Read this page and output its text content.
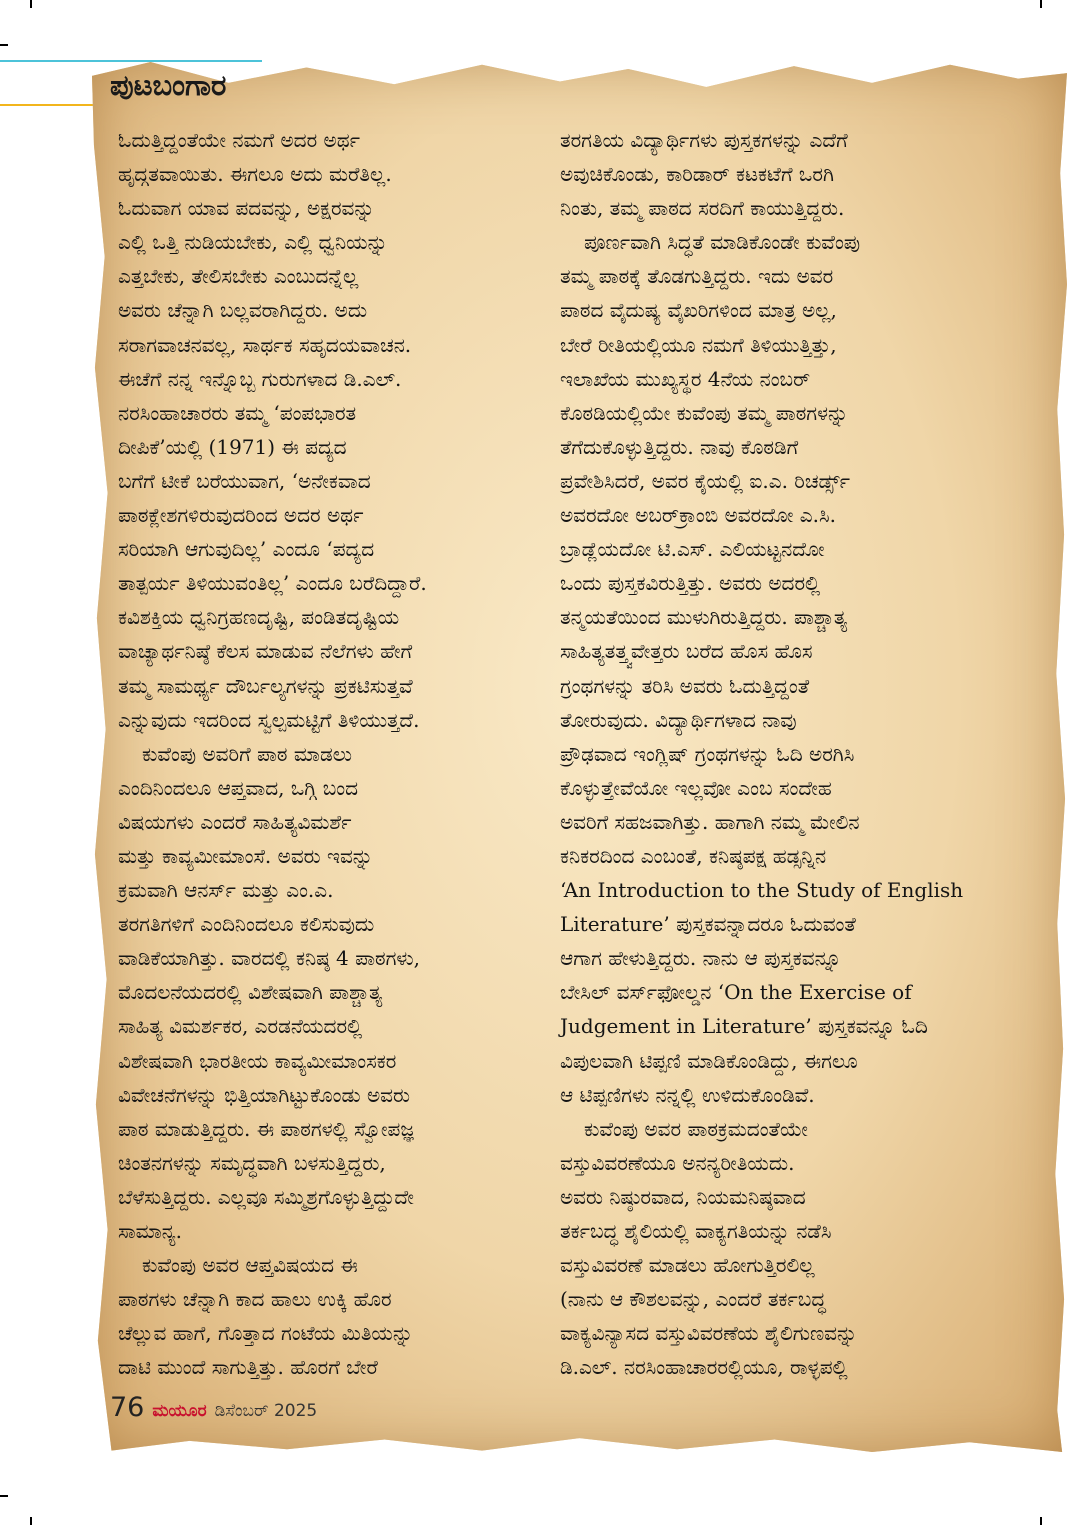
ಪುಟಬಂಗಾರ
ಓದುತ್ತಿದ್ದಂತೆಯೇ ನಮಗೆ ಅದರ ಅರ್ಥ
ಹೃದ್ಗತವಾಯಿತು. ಈಗಲೂ ಅದು ಮರೆತಿಲ್ಲ.
ಓದುವಾಗ ಯಾವ ಪದವನ್ನು, ಅಕ್ಷರವನ್ನು
ಎಲ್ಲಿ ಒತ್ತಿ ನುಡಿಯಬೇಕು, ಎಲ್ಲಿ ಧ್ವನಿಯನ್ನು
ಎತ್ತಬೇಕು, ತೇಲಿಸಬೇಕು ಎಂಬುದನ್ನೆಲ್ಲ
ಅವರು ಚೆನ್ನಾಗಿ ಬಲ್ಲವರಾಗಿದ್ದರು. ಅದು
ಸರಾಗವಾಚನವಲ್ಲ, ಸಾರ್ಥಕ ಸಹೃದಯವಾಚನ.
ಈಚೆಗೆ ನನ್ನ ಇನ್ನೊಬ್ಬ ಗುರುಗಳಾದ ಡಿ.ಎಲ್.
ನರಸಿಂಹಾಚಾರರು ತಮ್ಮ ‘ಪಂಪಭಾರತ
ದೀಪಿಕೆ’ಯಲ್ಲಿ (1971) ಈ ಪದ್ಯದ
ಬಗೆಗೆ ಟೀಕೆ ಬರೆಯುವಾಗ, ‘ಅನೇಕವಾದ
ಪಾಠಕ್ಲೇಶಗಳಿರುವುದರಿಂದ ಅದರ ಅರ್ಥ
ಸರಿಯಾಗಿ ಆಗುವುದಿಲ್ಲ’ ಎಂದೂ ‘ಪದ್ಯದ
ತಾತ್ಪರ್ಯ ತಿಳಿಯುವಂತಿಲ್ಲ’ ಎಂದೂ ಬರೆದಿದ್ದಾರೆ.
ಕವಿಶಕ್ತಿಯ ಧ್ವನಿಗ್ರಹಣದೃಷ್ಟಿ, ಪಂಡಿತದೃಷ್ಟಿಯ
ವಾಚ್ಯಾರ್ಥನಿಷ್ಠೆ ಕೆಲಸ ಮಾಡುವ ನೆಲೆಗಳು ಹೇಗೆ
ತಮ್ಮ ಸಾಮರ್ಥ್ಯ ದೌರ್ಬಲ್ಯಗಳನ್ನು ಪ್ರಕಟಿಸುತ್ತವೆ
ಎನ್ನುವುದು ಇದರಿಂದ ಸ್ವಲ್ಪಮಟ್ಟಿಗೆ ತಿಳಿಯುತ್ತದೆ.
ಕುವೆಂಪು ಅವರಿಗೆ ಪಾಠ ಮಾಡಲು
ಎಂದಿನಿಂದಲೂ ಆಪ್ತವಾದ, ಒಗ್ಗಿ ಬಂದ
ವಿಷಯಗಳು ಎಂದರೆ ಸಾಹಿತ್ಯವಿಮರ್ಶೆ
ಮತ್ತು ಕಾವ್ಯಮೀಮಾಂಸೆ. ಅವರು ಇವನ್ನು
ಕ್ರಮವಾಗಿ ಆನರ್ಸ್ ಮತ್ತು ಎಂ.ಎ.
ತರಗತಿಗಳಿಗೆ ಎಂದಿನಿಂದಲೂ ಕಲಿಸುವುದು
ವಾಡಿಕೆಯಾಗಿತ್ತು. ವಾರದಲ್ಲಿ ಕನಿಷ್ಠ 4 ಪಾಠಗಳು,
ಮೊದಲನೆಯದರಲ್ಲಿ ವಿಶೇಷವಾಗಿ ಪಾಶ್ಚಾತ್ಯ
ಸಾಹಿತ್ಯ ವಿಮರ್ಶಕರ, ಎರಡನೆಯದರಲ್ಲಿ
ವಿಶೇಷವಾಗಿ ಭಾರತೀಯ ಕಾವ್ಯಮೀಮಾಂಸಕರ
ವಿವೇಚನೆಗಳನ್ನು ಭಿತ್ತಿಯಾಗಿಟ್ಟುಕೊಂಡು ಅವರು
ಪಾಠ ಮಾಡುತ್ತಿದ್ದರು. ಈ ಪಾಠಗಳಲ್ಲಿ ಸ್ವೋಪಜ್ಞ
ಚಿಂತನಗಳನ್ನು ಸಮೃದ್ಧವಾಗಿ ಬಳಸುತ್ತಿದ್ದರು,
ಬೆಳೆಸುತ್ತಿದ್ದರು. ಎಲ್ಲವೂ ಸಮ್ಮಿಶ್ರಗೊಳ್ಳುತ್ತಿದ್ದುದೇ
ಸಾಮಾನ್ಯ.
ಕುವೆಂಪು ಅವರ ಆಪ್ತವಿಷಯದ ಈ
ಪಾಠಗಳು ಚೆನ್ನಾಗಿ ಕಾದ ಹಾಲು ಉಕ್ಕಿ ಹೊರ
ಚೆಲ್ಲುವ ಹಾಗೆ, ಗೊತ್ತಾದ ಗಂಟೆಯ ಮಿತಿಯನ್ನು
ದಾಟಿ ಮುಂದೆ ಸಾಗುತ್ತಿತ್ತು. ಹೊರಗೆ ಬೇರೆ
ತರಗತಿಯ ವಿದ್ಯಾರ್ಥಿಗಳು ಪುಸ್ತಕಗಳನ್ನು ಎದೆಗೆ
ಅವುಚಿಕೊಂಡು, ಕಾರಿಡಾರ್ ಕಟಕಟೆಗೆ ಒರಗಿ
ನಿಂತು, ತಮ್ಮ ಪಾಠದ ಸರದಿಗೆ ಕಾಯುತ್ತಿದ್ದರು.
ಪೂರ್ಣವಾಗಿ ಸಿದ್ಧತೆ ಮಾಡಿಕೊಂಡೇ ಕುವೆಂಪು
ತಮ್ಮ ಪಾಠಕ್ಕೆ ತೊಡಗುತ್ತಿದ್ದರು. ಇದು ಅವರ
ಪಾಠದ ವೈದುಷ್ಯ ವೈಖರಿಗಳಿಂದ ಮಾತ್ರ ಅಲ್ಲ,
ಬೇರೆ ರೀತಿಯಲ್ಲಿಯೂ ನಮಗೆ ತಿಳಿಯುತ್ತಿತ್ತು,
ಇಲಾಖೆಯ ಮುಖ್ಯಸ್ಥರ 4ನೆಯ ನಂಬರ್
ಕೊಠಡಿಯಲ್ಲಿಯೇ ಕುವೆಂಪು ತಮ್ಮ ಪಾಠಗಳನ್ನು
ತೆಗೆದುಕೊಳ್ಳುತ್ತಿದ್ದರು. ನಾವು ಕೊಠಡಿಗೆ
ಪ್ರವೇಶಿಸಿದರೆ, ಅವರ ಕೈಯಲ್ಲಿ ಐ.ಎ. ರಿಚರ್ಡ್ಸ್
ಅವರದೋ ಅಬರ್‌ಕ್ರಾಂಬಿ ಅವರದೋ ಎ.ಸಿ.
ಬ್ರಾಡ್ಲೆಯದೋ ಟಿ.ಎಸ್. ಎಲಿಯಟ್ಟನದೋ
ಒಂದು ಪುಸ್ತಕವಿರುತ್ತಿತ್ತು. ಅವರು ಅದರಲ್ಲಿ
ತನ್ಮಯತೆಯಿಂದ ಮುಳುಗಿರುತ್ತಿದ್ದರು. ಪಾಶ್ಚಾತ್ಯ
ಸಾಹಿತ್ಯತತ್ತ್ವವೇತ್ತರು ಬರೆದ ಹೊಸ ಹೊಸ
ಗ್ರಂಥಗಳನ್ನು ತರಿಸಿ ಅವರು ಓದುತ್ತಿದ್ದಂತೆ
ತೋರುವುದು. ವಿದ್ಯಾರ್ಥಿಗಳಾದ ನಾವು
ಪ್ರೌಢವಾದ ಇಂಗ್ಲಿಷ್ ಗ್ರಂಥಗಳನ್ನು ಓದಿ ಅರಗಿಸಿ
ಕೊಳ್ಳುತ್ತೇವೆಯೋ ಇಲ್ಲವೋ ಎಂಬ ಸಂದೇಹ
ಅವರಿಗೆ ಸಹಜವಾಗಿತ್ತು. ಹಾಗಾಗಿ ನಮ್ಮ ಮೇಲಿನ
ಕನಿಕರದಿಂದ ಎಂಬಂತೆ, ಕನಿಷ್ಠಪಕ್ಷ ಹಡ್ಸನ್ನಿನ
‘An Introduction to the Study of English
Literature’ ಪುಸ್ತಕವನ್ನಾದರೂ ಓದುವಂತೆ
ಆಗಾಗ ಹೇಳುತ್ತಿದ್ದರು. ನಾನು ಆ ಪುಸ್ತಕವನ್ನೂ
ಬೇಸಿಲ್ ವರ್ಸ್‌ಫೋಲ್ಡನ ‘On the Exercise of
Judgement in Literature’ ಪುಸ್ತಕವನ್ನೂ ಓದಿ
ವಿಪುಲವಾಗಿ ಟಿಪ್ಪಣಿ ಮಾಡಿಕೊಂಡಿದ್ದು, ಈಗಲೂ
ಆ ಟಿಪ್ಪಣಿಗಳು ನನ್ನಲ್ಲಿ ಉಳಿದುಕೊಂಡಿವೆ.
ಕುವೆಂಪು ಅವರ ಪಾಠಕ್ರಮದಂತೆಯೇ
ವಸ್ತುವಿವರಣೆಯೂ ಅನನ್ಯರೀತಿಯದು.
ಅವರು ನಿಷ್ಠುರವಾದ, ನಿಯಮನಿಷ್ಠವಾದ
ತರ್ಕಬದ್ಧ ಶೈಲಿಯಲ್ಲಿ ವಾಕ್ಯಗತಿಯನ್ನು ನಡೆಸಿ
ವಸ್ತುವಿವರಣೆ ಮಾಡಲು ಹೋಗುತ್ತಿರಲಿಲ್ಲ
(ನಾನು ಆ ಕೌಶಲವನ್ನು, ಎಂದರೆ ತರ್ಕಬದ್ಧ
ವಾಕ್ಯವಿನ್ಯಾಸದ ವಸ್ತುವಿವರಣೆಯ ಶೈಲಿಗುಣವನ್ನು
ಡಿ.ಎಲ್. ನರಸಿಂಹಾಚಾರರಲ್ಲಿಯೂ, ರಾಳ್ಳಪಲ್ಲಿ
76 ಮಯೂರ ಡಿಸೆಂಬರ್ 2025
